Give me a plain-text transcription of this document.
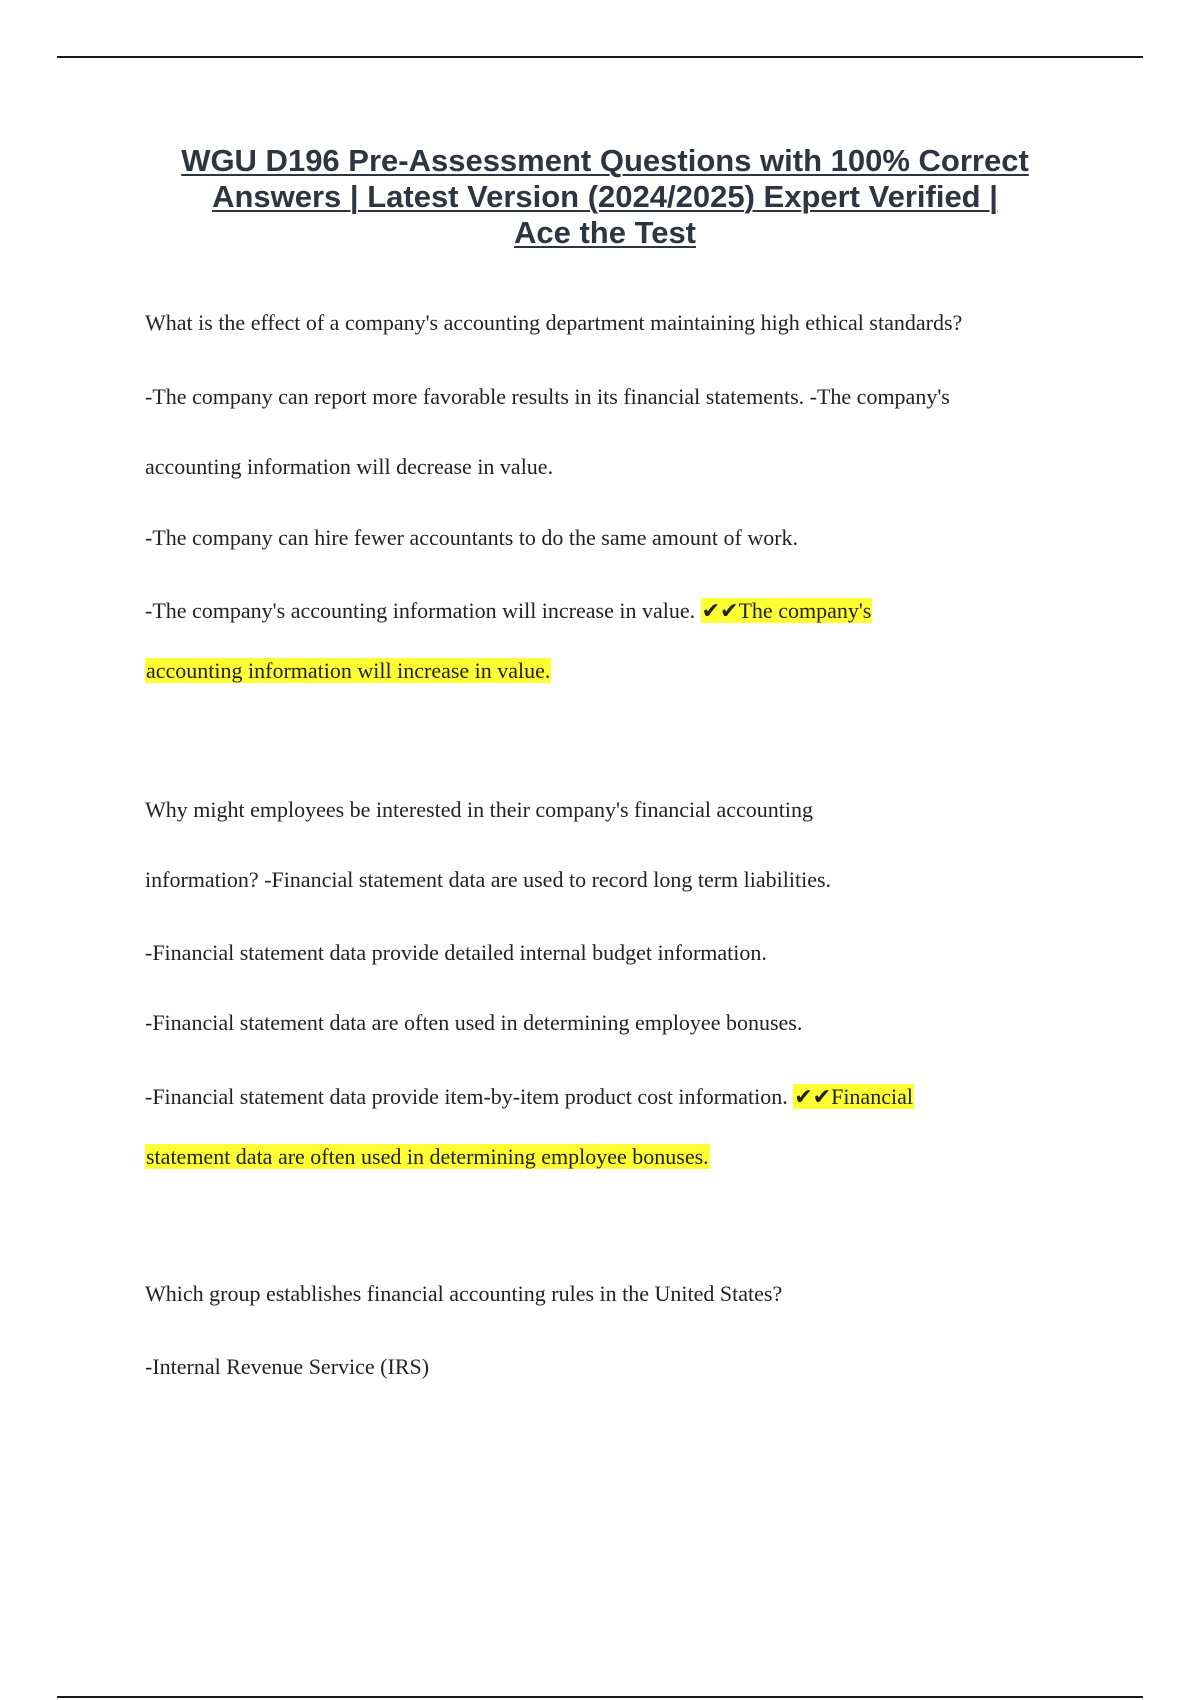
WGU D196 Pre-Assessment Questions with 100% Correct
Answers | Latest Version (2024/2025) Expert Verified |
Ace the Test

What is the effect of a company's accounting department maintaining high ethical standards?

-The company can report more favorable results in its financial statements. -The company's

accounting information will decrease in value.

-The company can hire fewer accountants to do the same amount of work.

-The company's accounting information will increase in value. ✔✔The company's

accounting information will increase in value.

Why might employees be interested in their company's financial accounting

information? -Financial statement data are used to record long term liabilities.

-Financial statement data provide detailed internal budget information.

-Financial statement data are often used in determining employee bonuses.

-Financial statement data provide item-by-item product cost information. ✔✔Financial

statement data are often used in determining employee bonuses.

Which group establishes financial accounting rules in the United States?

-Internal Revenue Service (IRS)
